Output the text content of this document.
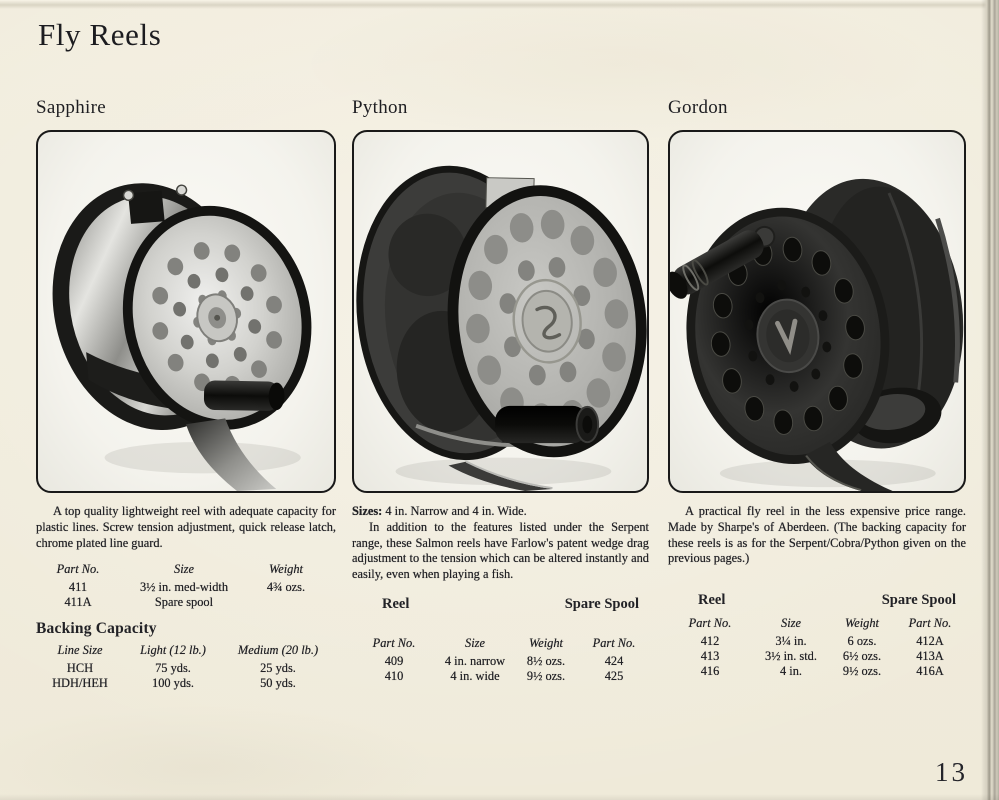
Fly Reels
Sapphire

A top quality lightweight reel with adequate capacity for plastic lines. Screw tension adjustment, quick release latch, chrome plated line guard.

Part No.	Size	Weight
411	3½ in. med-width	4¾ ozs.
411A	Spare spool	
Backing Capacity
Line Size	Light (12 lb.)	Medium (20 lb.)
HCH	75 yds.	25 yds.
HDH/HEH	100 yds.	50 yds.
Python

Sizes: 4 in. Narrow and 4 in. Wide.

In addition to the features listed under the Serpent range, these Salmon reels have Farlow's patent wedge drag adjustment to the tension which can be altered instantly and easily, even when playing a fish.

Reel	Spare Spool
Part No.	Size	Weight	Part No.
409	4 in. narrow	8½ ozs.	424
410	4 in. wide	9½ ozs.	425
Gordon

A practical fly reel in the less expensive price range. Made by Sharpe's of Aberdeen. (The backing capacity for these reels is as for the Serpent/Cobra/Python given on the previous pages.)

Reel	Spare Spool
Part No.	Size	Weight	Part No.
412	3¼ in.	6 ozs.	412A
413	3½ in. std.	6½ ozs.	413A
416	4 in.	9½ ozs.	416A
13
